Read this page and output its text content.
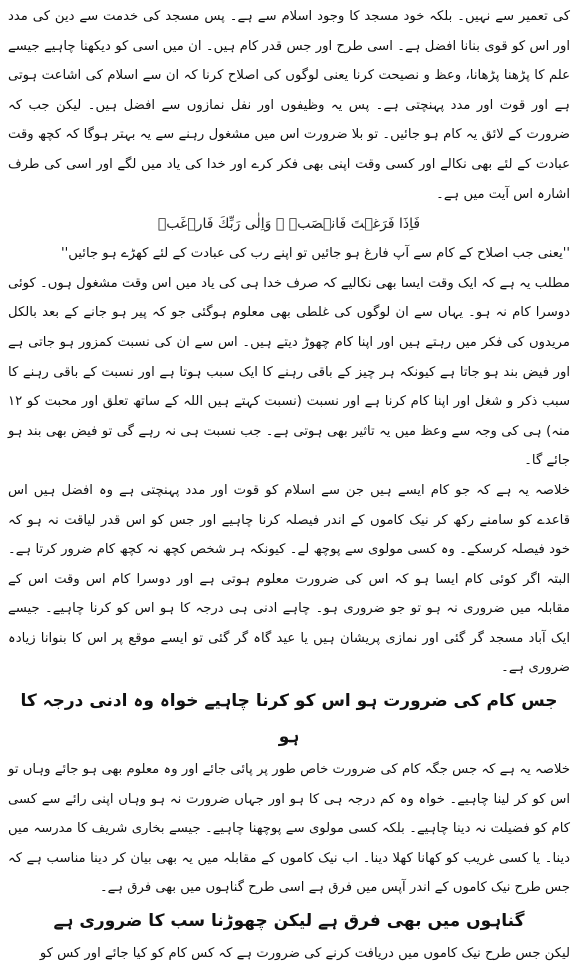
کی تعمیر سے نہیں۔ بلکہ خود مسجد کا وجود اسلام سے ہے۔ پس مسجد کی خدمت سے دین کی مدد اور اس کو قوی بنانا افضل ہے۔ اسی طرح اور جس قدر کام ہیں۔ ان میں اسی کو دیکھنا چاہیے جیسے علم کا پڑھنا پڑھانا، وعظ و نصیحت کرنا یعنی لوگوں کی اصلاح کرنا کہ ان سے اسلام کی اشاعت ہوتی ہے اور قوت اور مدد پہنچتی ہے۔ پس یہ وظیفوں اور نفل نمازوں سے افضل ہیں۔ لیکن جب کہ ضرورت کے لائق یہ کام ہو جائیں۔ تو بلا ضرورت اس میں مشغول رہنے سے یہ بہتر ہوگا کہ کچھ وقت عبادت کے لئے بھی نکالے اور کسی وقت اپنی بھی فکر کرے اور خدا کی یاد میں لگے اور اسی کی طرف اشارہ اس آیت میں ہے۔

فَاِذَا فَرَغۡتَ فَانۡصَبۡ ۙ وَاِلٰى رَبِّكَ فَارۡغَبۡ

''یعنی جب اصلاح کے کام سے آپ فارغ ہو جائیں تو اپنے رب کی عبادت کے لئے کھڑے ہو جائیں''

مطلب یہ ہے کہ ایک وقت ایسا بھی نکالیے کہ صرف خدا ہی کی یاد میں اس وقت مشغول ہوں۔ کوئی دوسرا کام نہ ہو۔ یہاں سے ان لوگوں کی غلطی بھی معلوم ہوگئی جو کہ پیر ہو جانے کے بعد بالکل مریدوں کی فکر میں رہتے ہیں اور اپنا کام چھوڑ دیتے ہیں۔ اس سے ان کی نسبت کمزور ہو جاتی ہے اور فیض بند ہو جاتا ہے کیونکہ ہر چیز کے باقی رہنے کا ایک سبب ہوتا ہے اور نسبت کے باقی رہنے کا سبب ذکر و شغل اور اپنا کام کرنا ہے اور نسبت (نسبت کہتے ہیں اللہ کے ساتھ تعلق اور محبت کو ۱۲ منہ) ہی کی وجہ سے وعظ میں یہ تاثیر بھی ہوتی ہے۔ جب نسبت ہی نہ رہے گی تو فیض بھی بند ہو جائے گا۔

خلاصہ یہ ہے کہ جو کام ایسے ہیں جن سے اسلام کو قوت اور مدد پہنچتی ہے وہ افضل ہیں اس قاعدے کو سامنے رکھ کر نیک کاموں کے اندر فیصلہ کرنا چاہیے اور جس کو اس قدر لیاقت نہ ہو کہ خود فیصلہ کرسکے۔ وہ کسی مولوی سے پوچھ لے۔ کیونکہ ہر شخص کچھ نہ کچھ کام ضرور کرتا ہے۔ البتہ اگر کوئی کام ایسا ہو کہ اس کی ضرورت معلوم ہوتی ہے اور دوسرا کام اس وقت اس کے مقابلہ میں ضروری نہ ہو تو جو ضروری ہو۔ چاہے ادنی ہی درجہ کا ہو اس کو کرنا چاہیے۔ جیسے ایک آباد مسجد گر گئی اور نمازی پریشان ہیں یا عید گاہ گر گئی تو ایسے موقع پر اس کا بنوانا زیادہ ضروری ہے۔

جس کام کی ضرورت ہو اس کو کرنا چاہیے خواہ وہ ادنی درجہ کا ہو

خلاصہ یہ ہے کہ جس جگہ کام کی ضرورت خاص طور پر پائی جائے اور وہ معلوم بھی ہو جائے وہاں تو اس کو کر لینا چاہیے۔ خواہ وہ کم درجہ ہی کا ہو اور جہاں ضرورت نہ ہو وہاں اپنی رائے سے کسی کام کو فضیلت نہ دینا چاہیے۔ بلکہ کسی مولوی سے پوچھنا چاہیے۔ جیسے بخاری شریف کا مدرسہ میں دینا۔ یا کسی غریب کو کھانا کھلا دینا۔ اب نیک کاموں کے مقابلہ میں یہ بھی بیان کر دینا مناسب ہے کہ جس طرح نیک کاموں کے اندر آپس میں فرق ہے اسی طرح گناہوں میں بھی فرق ہے۔

گناہوں میں بھی فرق ہے لیکن چھوڑنا سب کا ضروری ہے

لیکن جس طرح نیک کاموں میں دریافت کرنے کی ضرورت ہے کہ کس کام کو کیا جائے اور کس کو
